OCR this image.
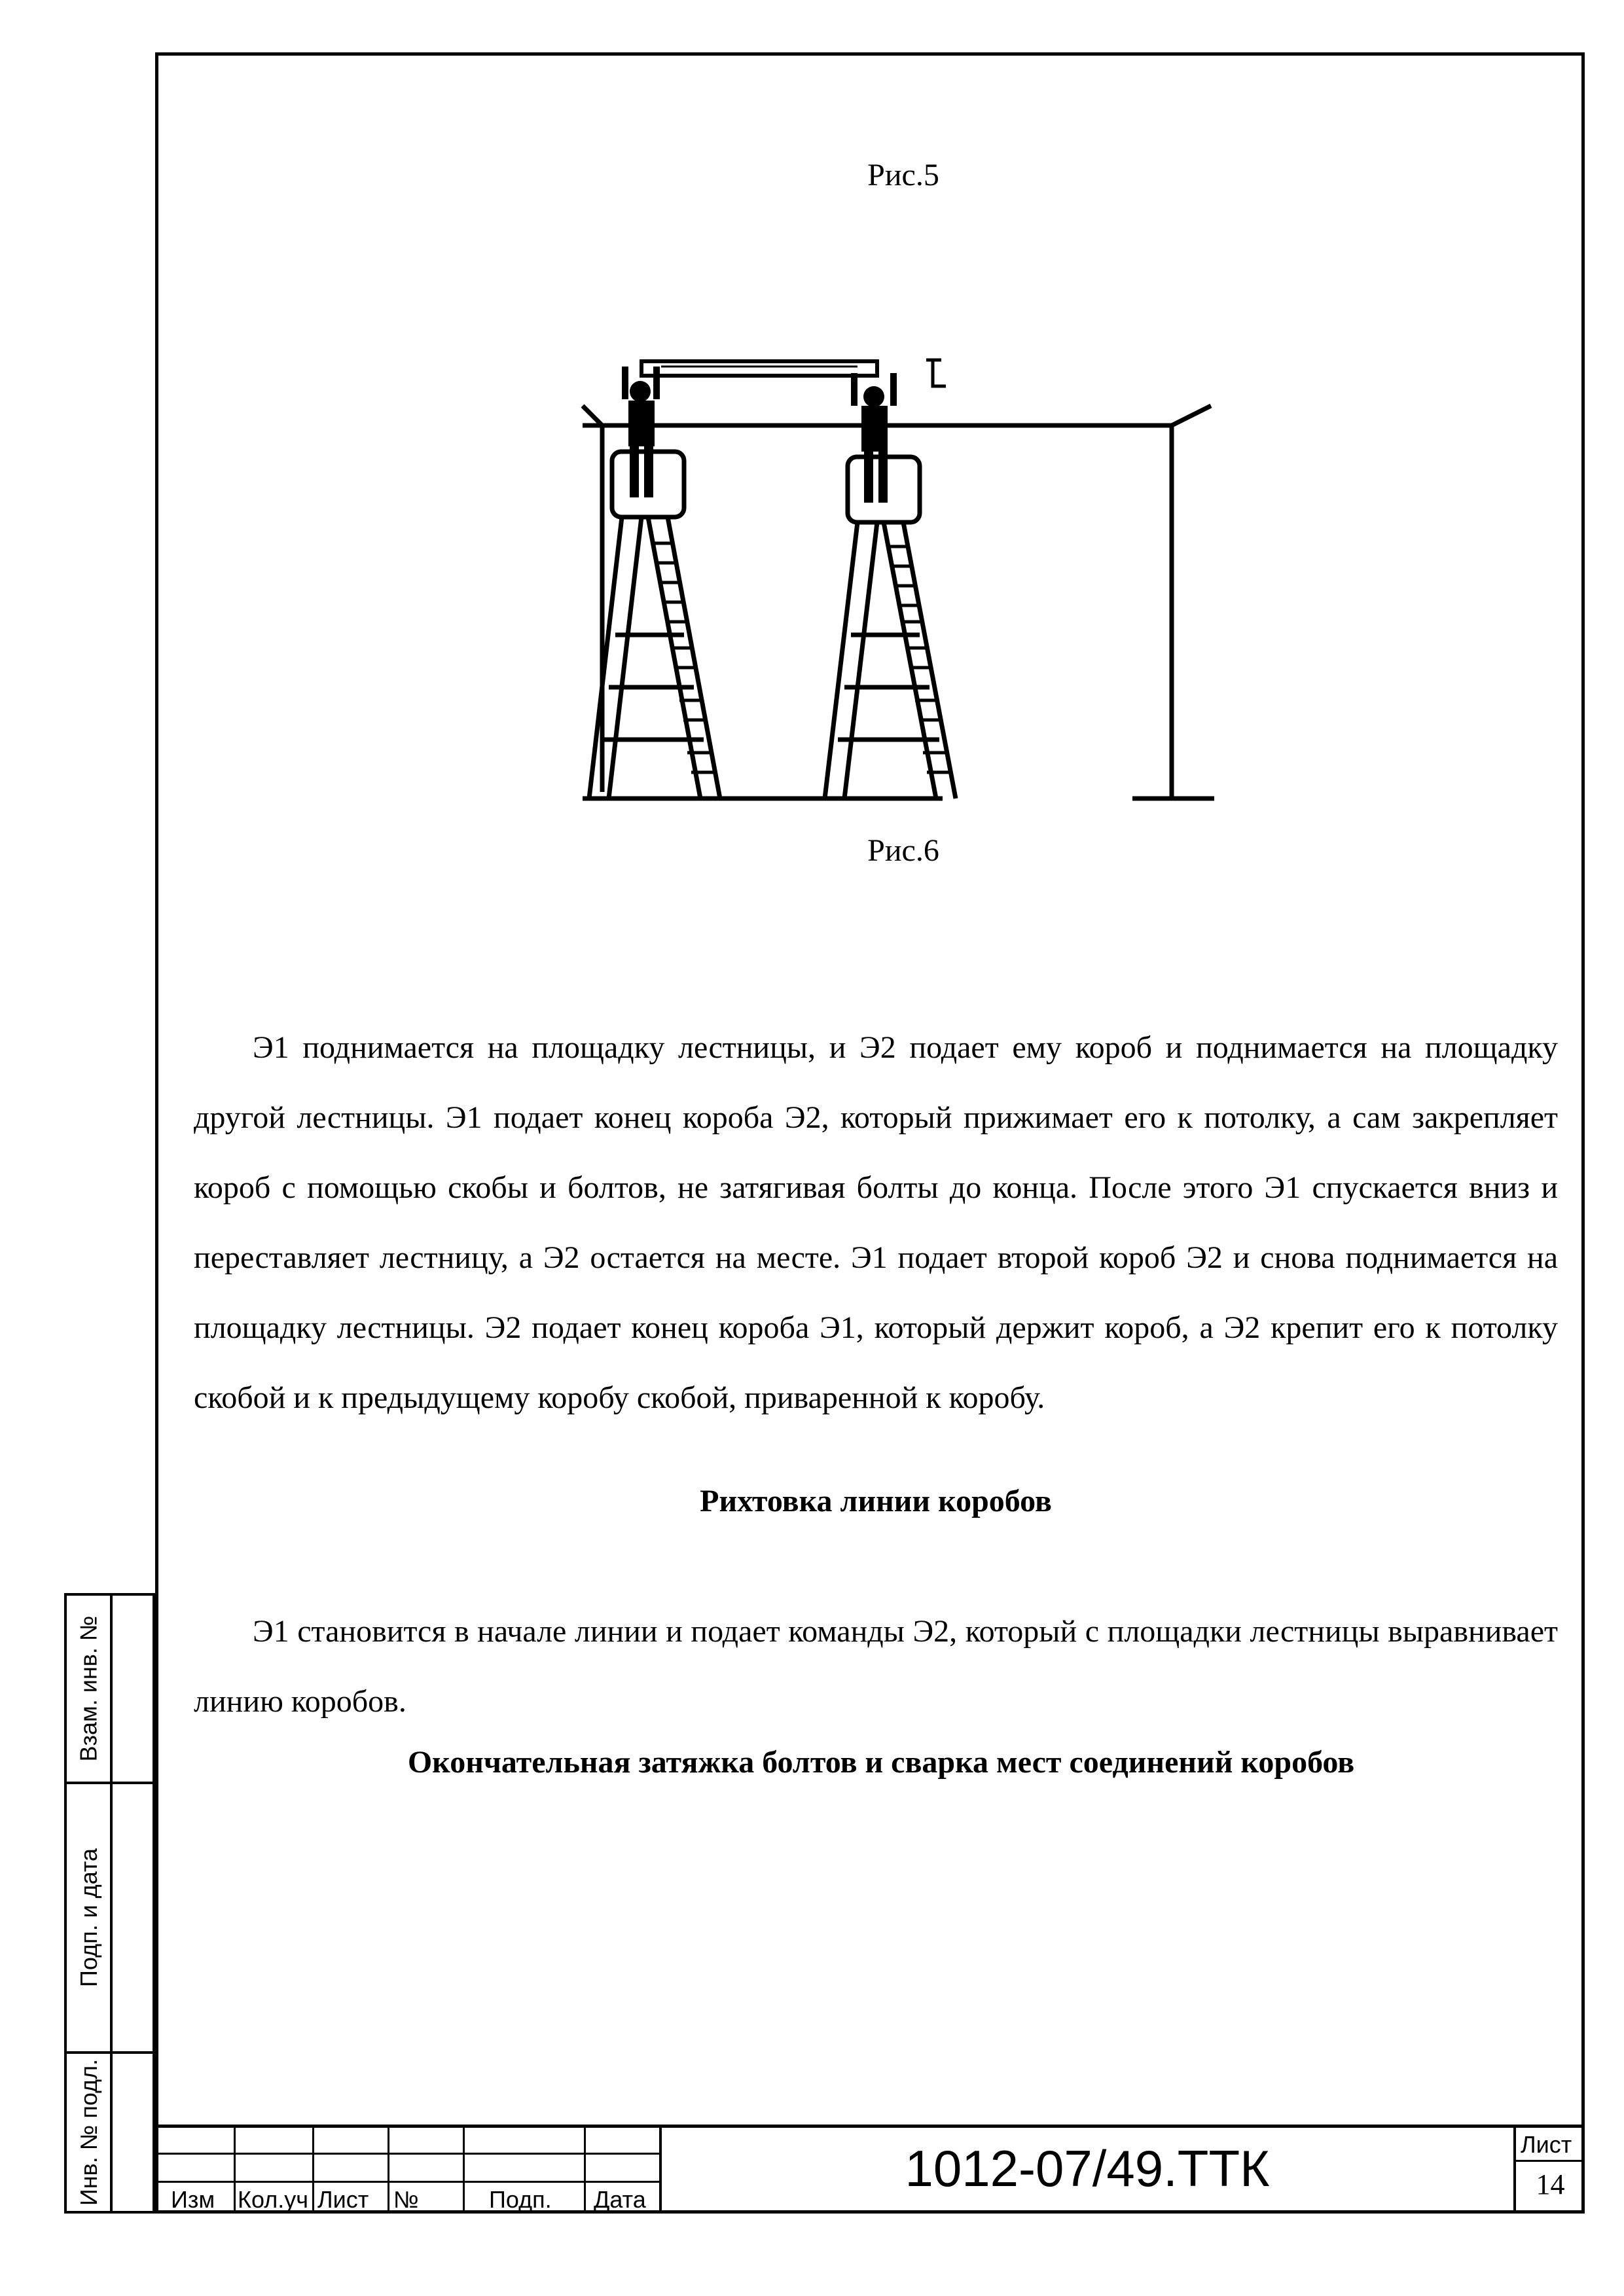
Взам. инв. №
Подп. и дата
Инв. № подл.
Рис.5
Рис.6

Э1 поднимается на площадку лестницы, и Э2 подает ему короб и поднимается на площадку другой лестницы. Э1 подает конец короба Э2, который прижимает его к потолку, а сам закрепляет короб с помощью скобы и болтов, не затягивая болты до конца. После этого Э1 спускается вниз и переставляет лестницу, а Э2 остается на месте. Э1 подает второй короб Э2 и снова поднимается на площадку лестницы. Э2 подает конец короба Э1, который держит короб, а Э2 крепит его к потолку скобой и к предыдущему коробу скобой, приваренной к коробу.

Рихтовка линии коробов

Э1 становится в начале линии и подает команды Э2, который с площадки лестницы выравнивает линию коробов.

Окончательная затяжка болтов и сварка мест соединений коробов
Изм Кол.уч Лист №	Подп. Дата
1012-07/49.ТТК	Лист
14
